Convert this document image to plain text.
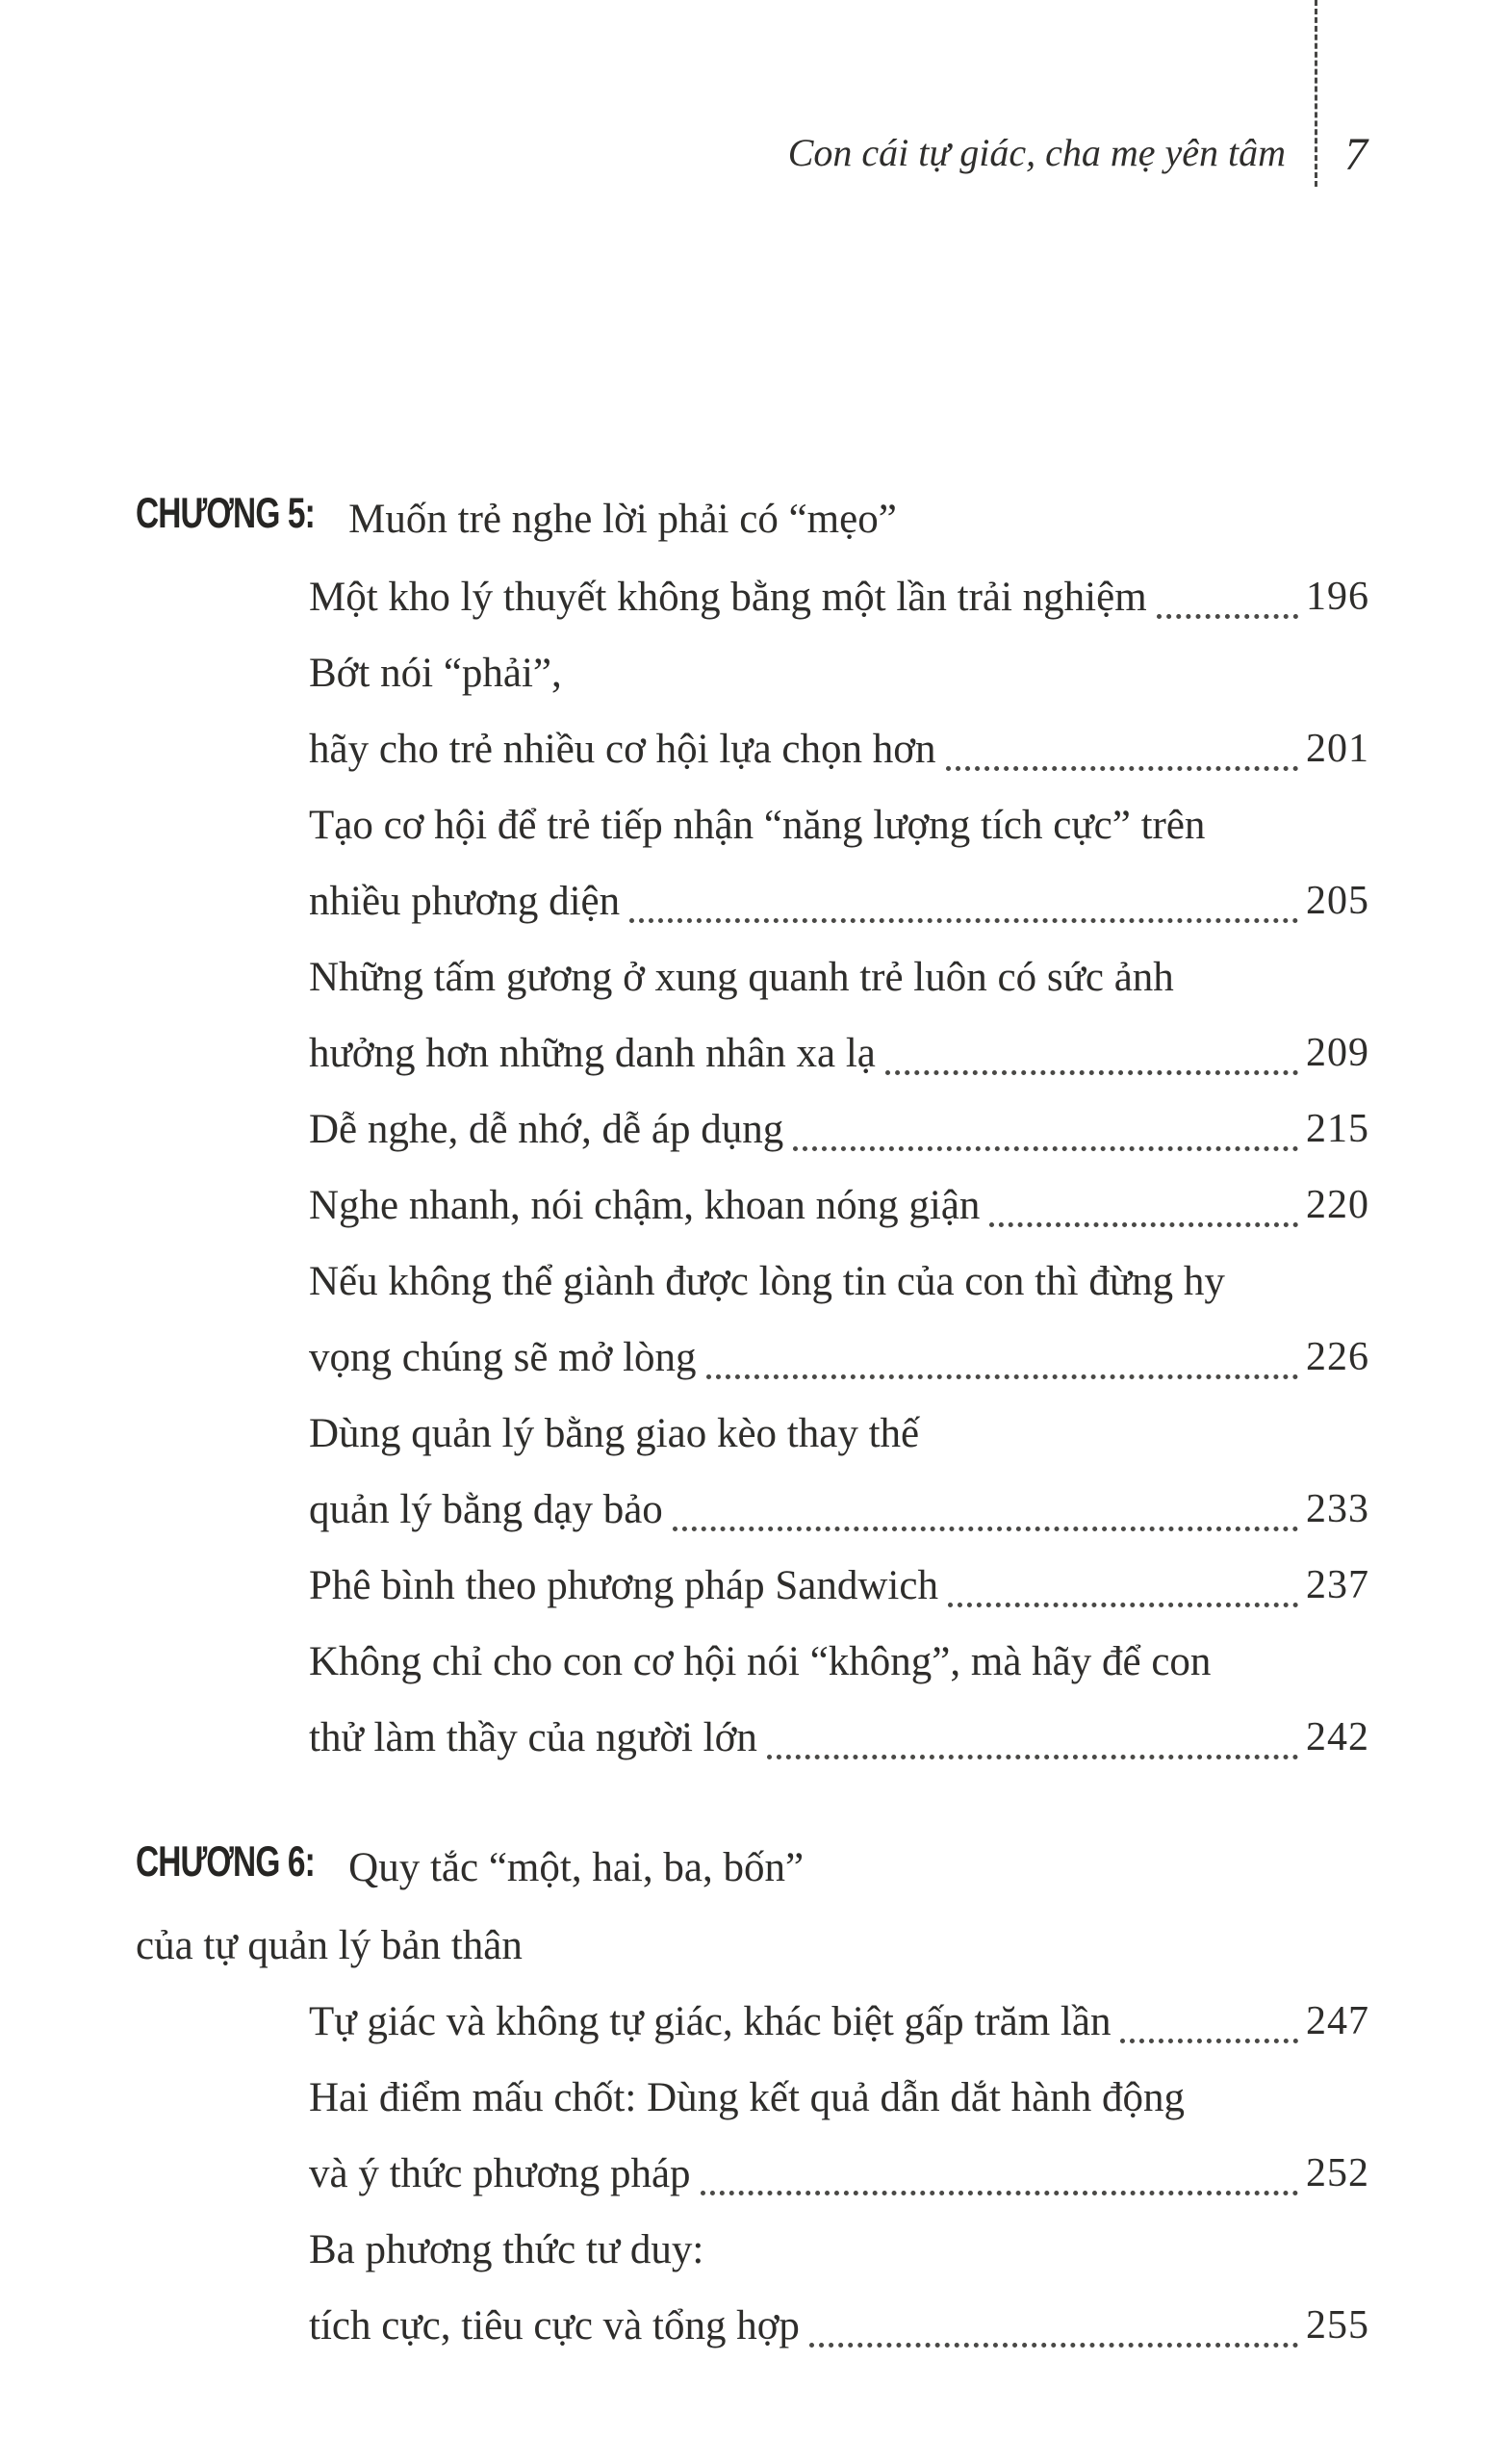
Con cái tự giác, cha mẹ yên tâm 7
CHƯƠNG 5: Muốn trẻ nghe lời phải có “mẹo”
Một kho lý thuyết không bằng một lần trải nghiệm	196
Bớt nói “phải”,
hãy cho trẻ nhiều cơ hội lựa chọn hơn	201
Tạo cơ hội để trẻ tiếp nhận “năng lượng tích cực” trên
nhiều phương diện	205
Những tấm gương ở xung quanh trẻ luôn có sức ảnh
hưởng hơn những danh nhân xa lạ	209
Dễ nghe, dễ nhớ, dễ áp dụng	215
Nghe nhanh, nói chậm, khoan nóng giận	220
Nếu không thể giành được lòng tin của con thì đừng hy
vọng chúng sẽ mở lòng	226
Dùng quản lý bằng giao kèo thay thế
quản lý bằng dạy bảo	233
Phê bình theo phương pháp Sandwich	237
Không chỉ cho con cơ hội nói “không”, mà hãy để con
thử làm thầy của người lớn	242
CHƯƠNG 6: Quy tắc “một, hai, ba, bốn”
của tự quản lý bản thân
Tự giác và không tự giác, khác biệt gấp trăm lần	247
Hai điểm mấu chốt: Dùng kết quả dẫn dắt hành động
và ý thức phương pháp	252
Ba phương thức tư duy:
tích cực, tiêu cực và tổng hợp	255
